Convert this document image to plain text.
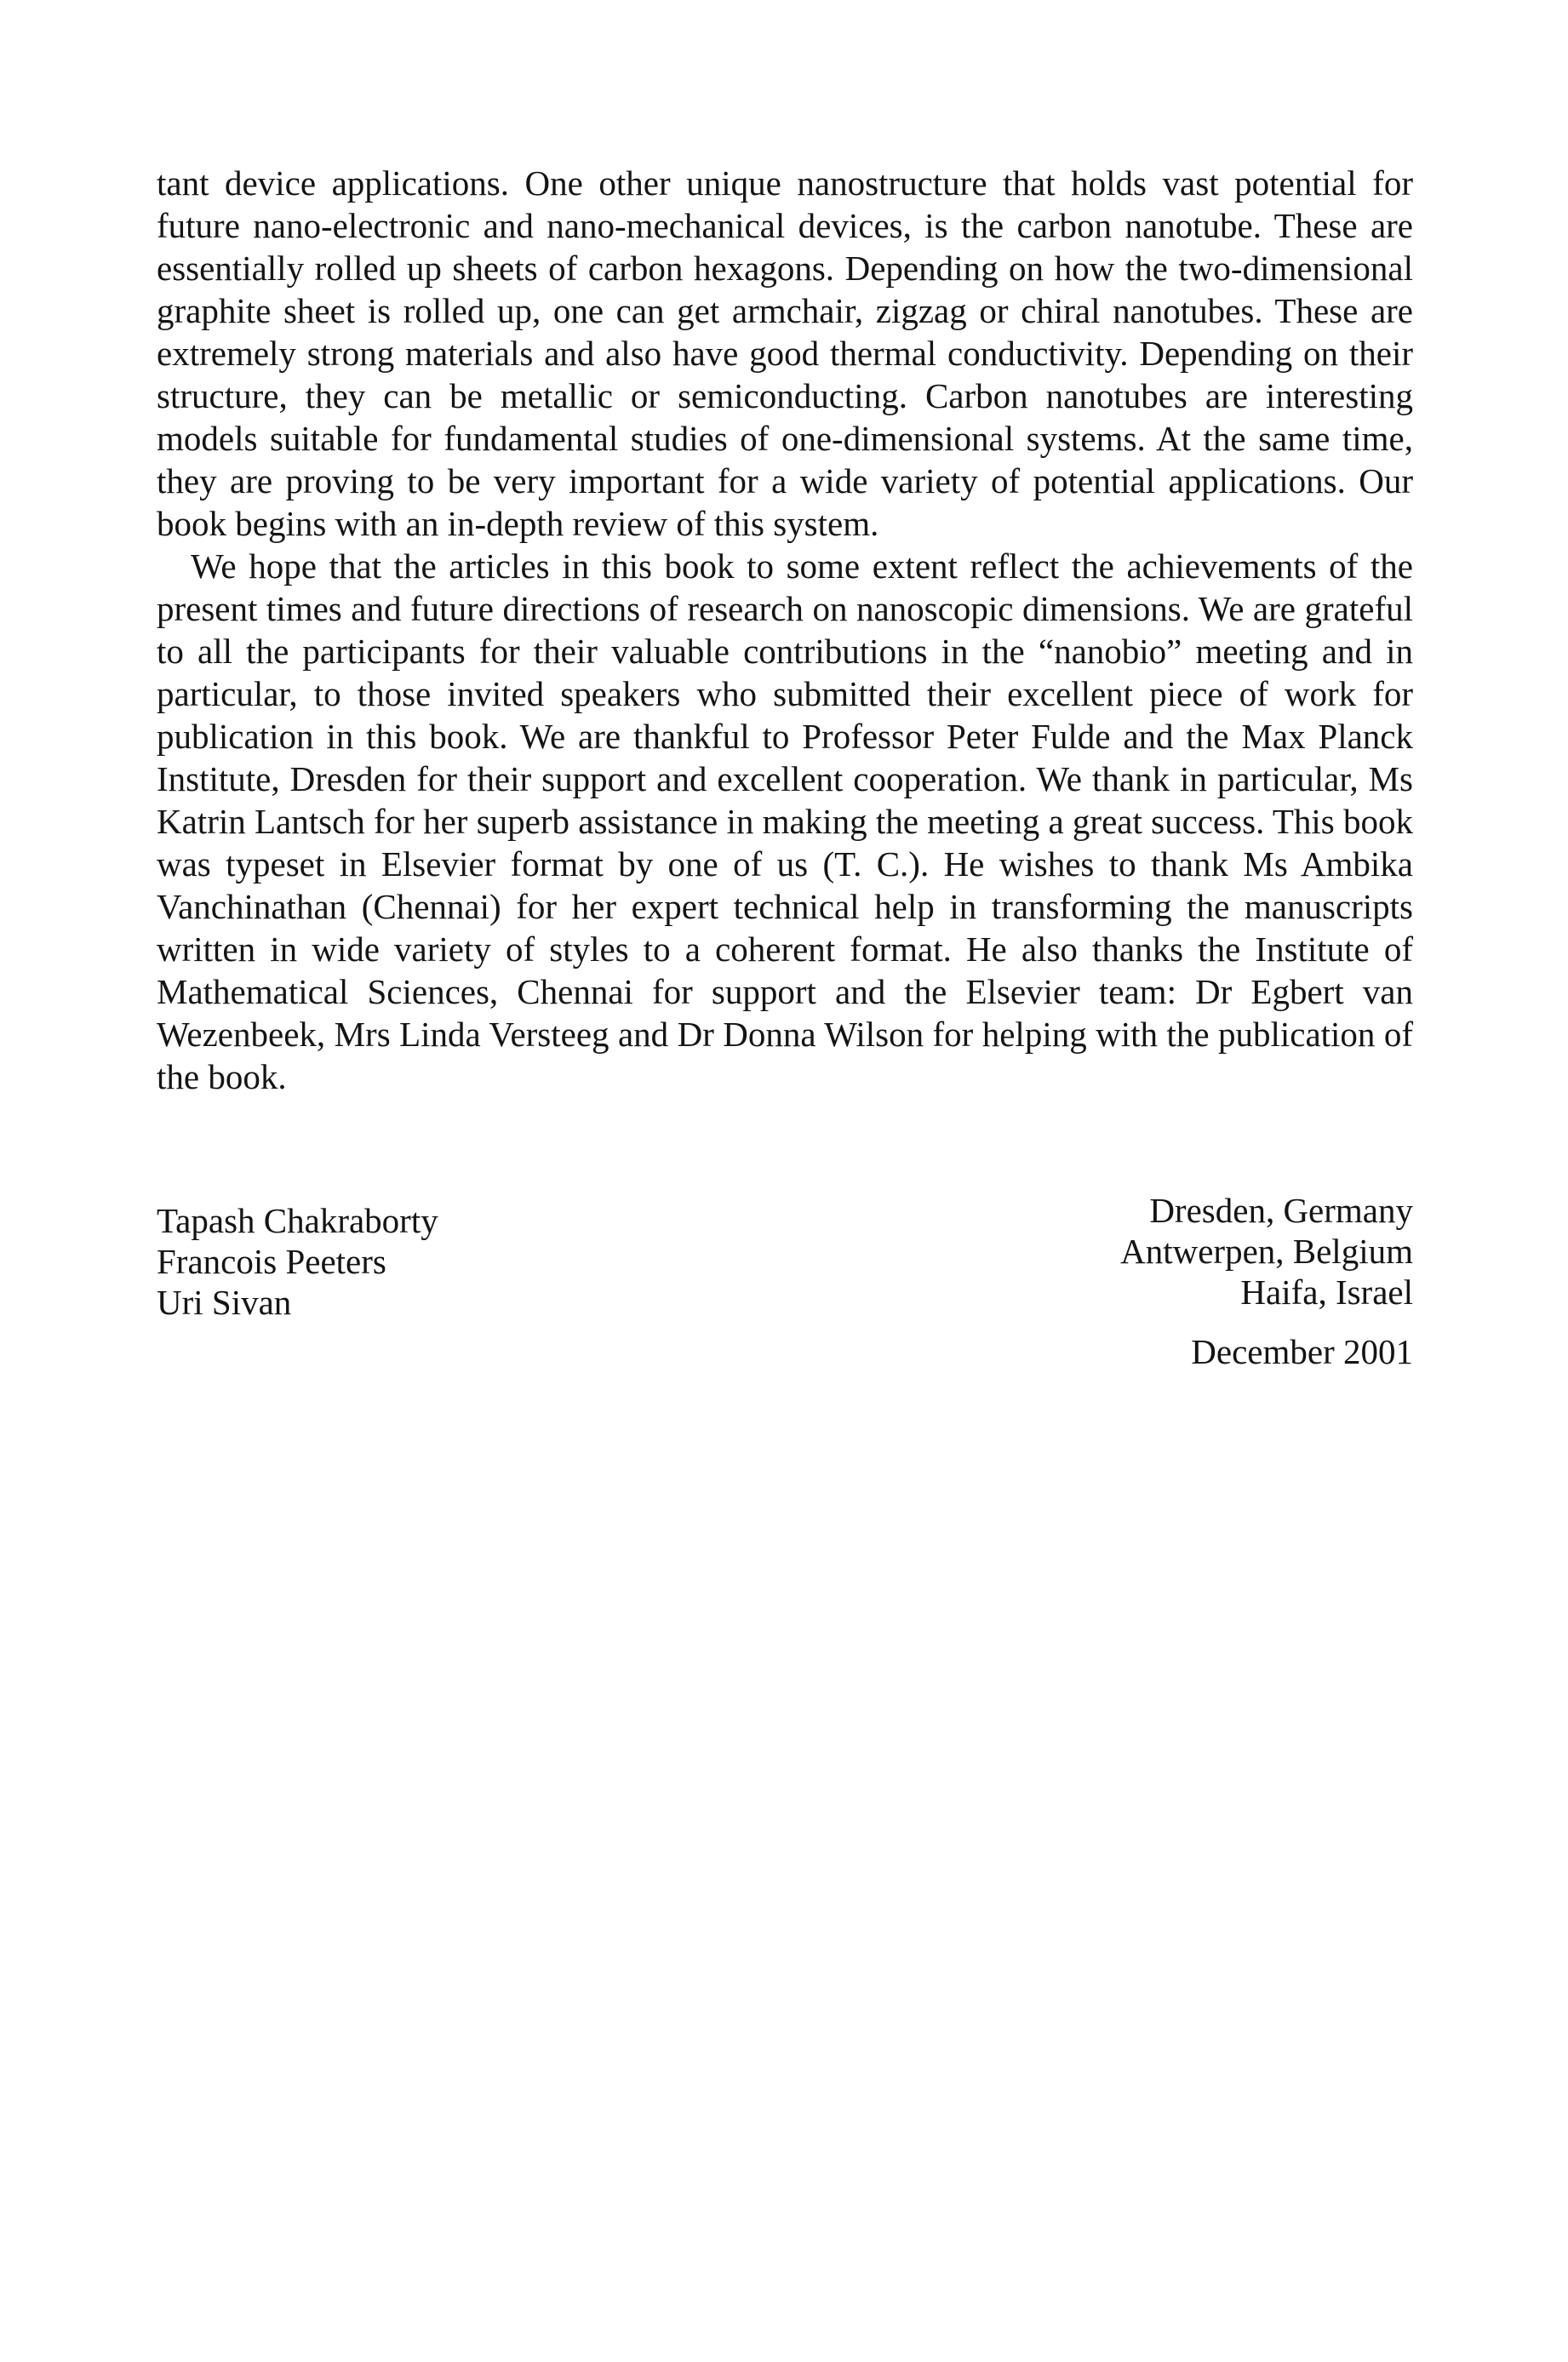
tant device applications. One other unique nanostructure that holds vast potential for future nano-electronic and nano-mechanical devices, is the carbon nanotube. These are essentially rolled up sheets of carbon hexagons. Depending on how the two-dimensional graphite sheet is rolled up, one can get armchair, zigzag or chiral nanotubes. These are extremely strong materials and also have good thermal conductivity. Depending on their structure, they can be metallic or semiconducting. Carbon nanotubes are interesting models suitable for fundamental studies of one-dimensional systems. At the same time, they are proving to be very important for a wide variety of potential applications. Our book begins with an in-depth review of this system.

We hope that the articles in this book to some extent reflect the achievements of the present times and future directions of research on nanoscopic dimensions. We are grateful to all the participants for their valuable contributions in the “nanobio” meeting and in particular, to those invited speakers who submitted their excellent piece of work for publication in this book. We are thankful to Professor Peter Fulde and the Max Planck Institute, Dresden for their support and excellent cooperation. We thank in particular, Ms Katrin Lantsch for her superb assistance in making the meeting a great success. This book was typeset in Elsevier format by one of us (T. C.). He wishes to thank Ms Ambika Vanchinathan (Chennai) for her expert technical help in transforming the manuscripts written in wide variety of styles to a coherent format. He also thanks the Institute of Mathematical Sciences, Chennai for support and the Elsevier team: Dr Egbert van Wezenbeek, Mrs Linda Versteeg and Dr Donna Wilson for helping with the publication of the book.

Tapash Chakraborty
Francois Peeters
Uri Sivan
Dresden, Germany
Antwerpen, Belgium
Haifa, Israel
December 2001
